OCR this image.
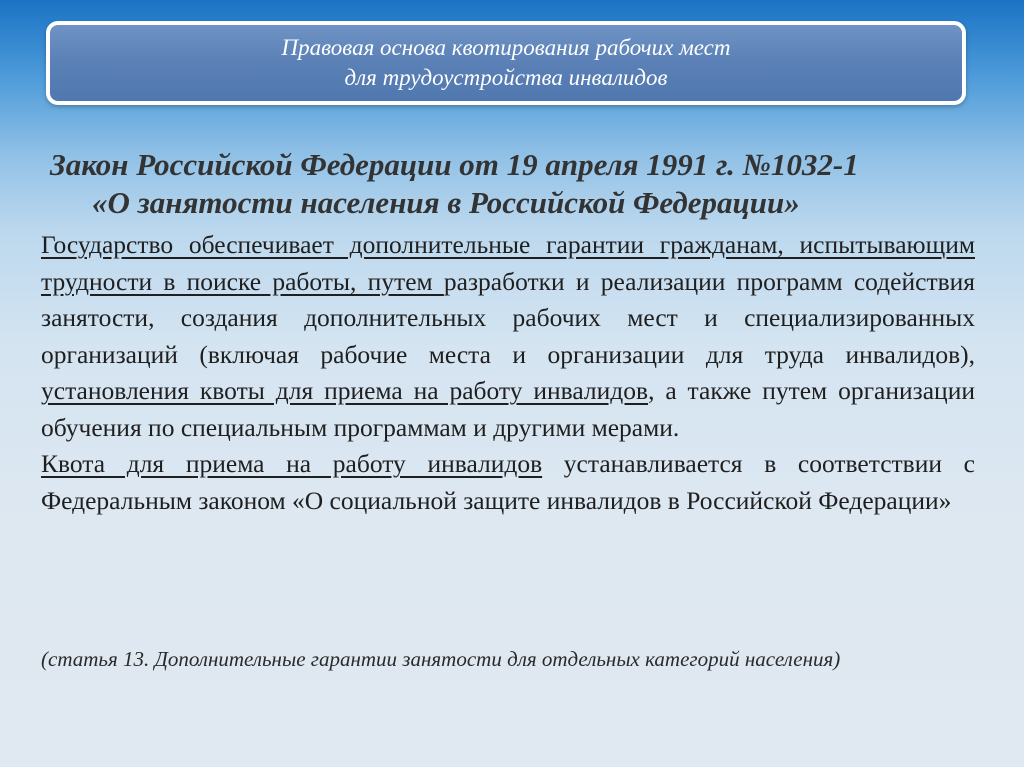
Правовая основа квотирования рабочих мест
для трудоустройства инвалидов
Закон Российской Федерации от 19 апреля 1991 г. №1032-1
«О занятости населения в Российской Федерации»

Государство обеспечивает дополнительные гарантии гражданам, испытывающим трудности в поиске работы, путем разработки и реализации программ содействия занятости, создания дополнительных рабочих мест и специализированных организаций (включая рабочие места и организации для труда инвалидов), установления квоты для приема на работу инвалидов, а также путем организации обучения по специальным программам и другими мерами.

Квота для приема на работу инвалидов устанавливается в соответствии с Федеральным законом «О социальной защите инвалидов в Российской Федерации»

(статья 13. Дополнительные гарантии занятости для отдельных категорий населения)
